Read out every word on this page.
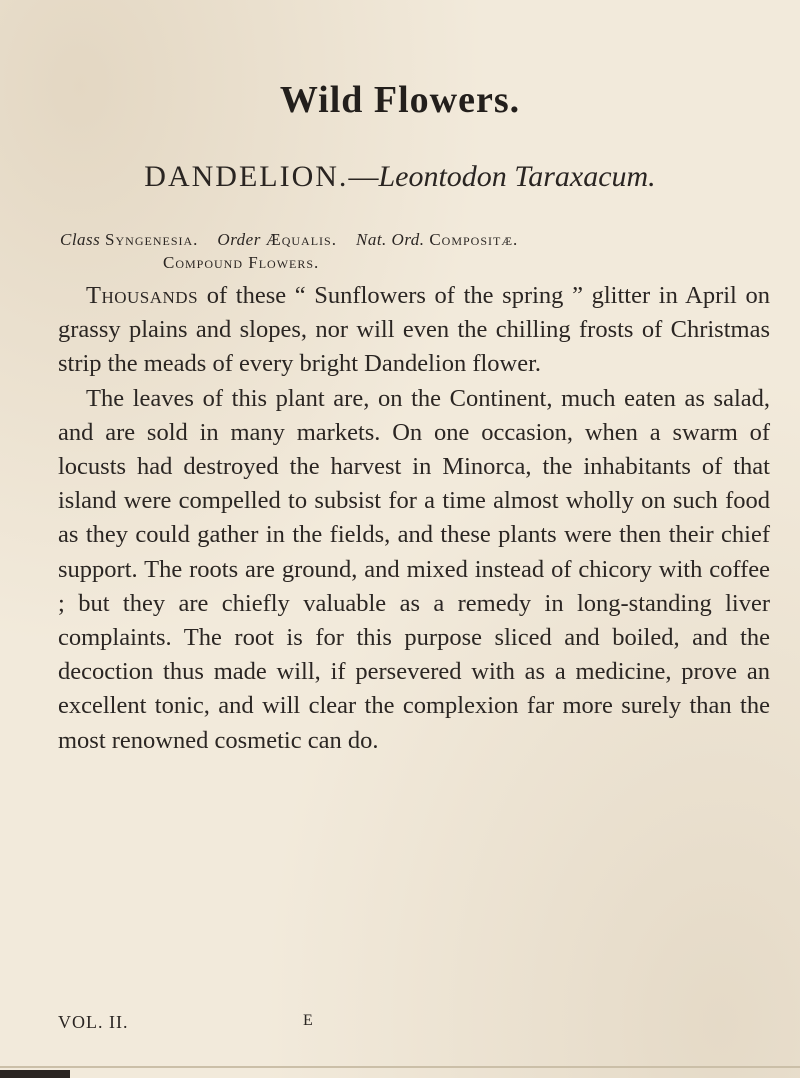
Wild Flowers.
DANDELION.—Leontodon Taraxacum.
Class Syngenesia. Order Æqualis. Nat. Ord. Compositæ.
Compound Flowers.

Thousands of these “ Sunflowers of the spring ” glitter in April on grassy plains and slopes, nor will even the chilling frosts of Christmas strip the meads of every bright Dandelion flower.

The leaves of this plant are, on the Continent, much eaten as salad, and are sold in many markets. On one occasion, when a swarm of locusts had destroyed the harvest in Minorca, the inhabitants of that island were compelled to subsist for a time almost wholly on such food as they could gather in the fields, and these plants were then their chief support. The roots are ground, and mixed instead of chicory with coffee ; but they are chiefly valuable as a remedy in long-standing liver complaints. The root is for this purpose sliced and boiled, and the decoction thus made will, if persevered with as a medicine, prove an excellent tonic, and will clear the complexion far more surely than the most renowned cosmetic can do.

VOL. II.	E
